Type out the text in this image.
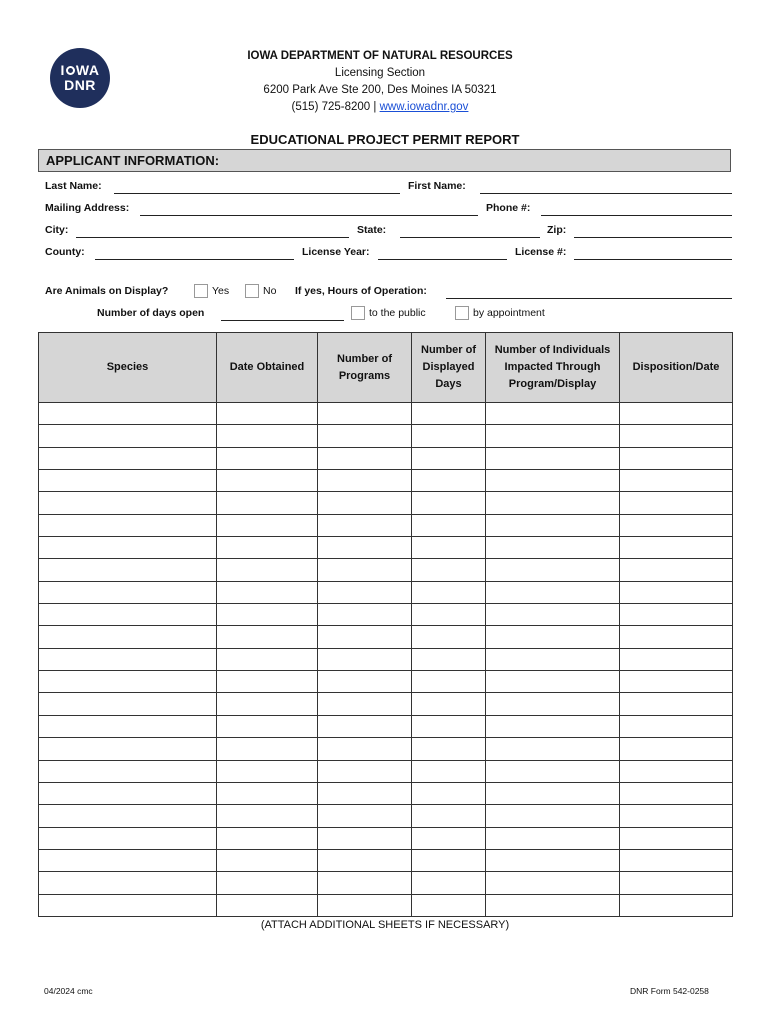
I WA
DNR
IOWA DEPARTMENT OF NATURAL RESOURCES
Licensing Section
6200 Park Ave Ste 200, Des Moines IA 50321
(515) 725-8200 | www.iowadnr.gov
EDUCATIONAL PROJECT PERMIT REPORT
APPLICANT INFORMATION:
Last Name:	First Name:
Mailing Address:	Phone #:
City:	State:	Zip:
County:	License Year:	License #:
Are Animals on Display?	Yes	No If yes, Hours of Operation:
Number of days open	to the public	by appointment
Species	Date Obtained	Number of Programs	Number of Displayed Days	Number of Individuals Impacted Through Program/Display	Disposition/Date

(ATTACH ADDITIONAL SHEETS IF NECESSARY)
04/2024 cmc	DNR Form 542-0258
